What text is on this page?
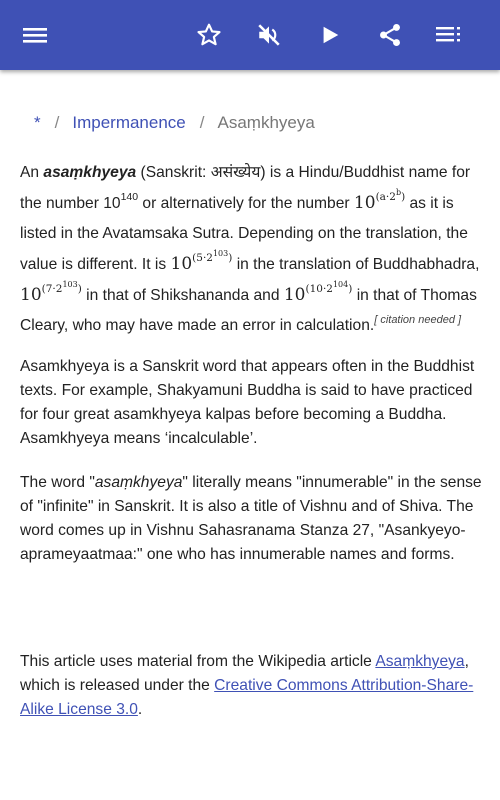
* / Impermanence / Asaṃkhyeya

An asaṃkhyeya (Sanskrit: असंख्येय) is a Hindu/Buddhist name for the number $10^{140}$ or alternatively for the number $10^{(a\cdot 2^b)}$ as it is listed in the Avatamsaka Sutra. Depending on the translation, the value is different. It is $10^{(5\cdot 2^{103})}$ in the translation of Buddhabhadra, $10^{(7\cdot 2^{103})}$ in that of Shikshananda and $10^{(10\cdot 2^{104})}$ in that of Thomas Cleary, who may have made an error in calculation.[ citation needed ]

Asamkhyeya is a Sanskrit word that appears often in the Buddhist texts. For example, Shakyamuni Buddha is said to have practiced for four great asamkhyeya kalpas before becoming a Buddha. Asamkhyeya means ‘incalculable’.

The word "asaṃkhyeya" literally means "innumerable" in the sense of "infinite" in Sanskrit. It is also a title of Vishnu and of Shiva. The word comes up in Vishnu Sahasranama Stanza 27, "Asankyeyo-aprameyaatmaa:" one who has innumerable names and forms.

This article uses material from the Wikipedia article Asaṃkhyeya, which is released under the Creative Commons Attribution-Share-Alike License 3.0.
